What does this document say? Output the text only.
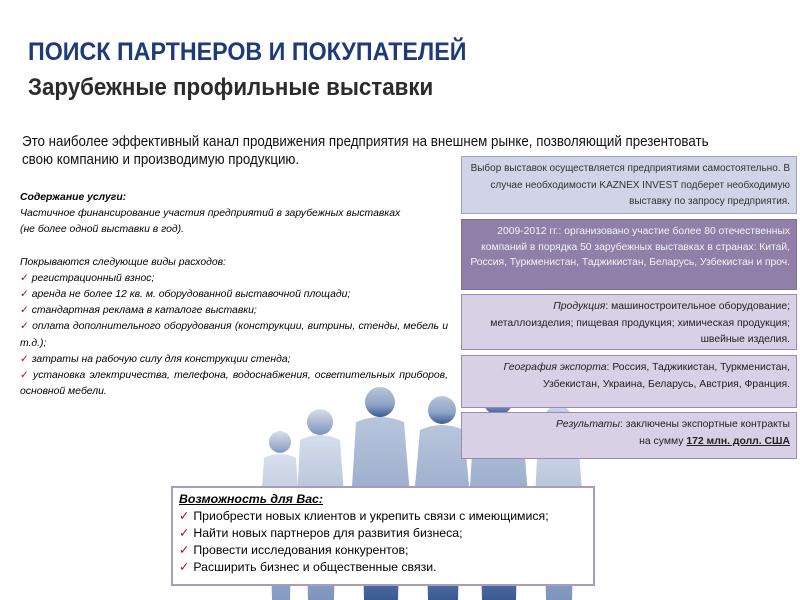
ПОИСК ПАРТНЕРОВ И ПОКУПАТЕЛЕЙ
Зарубежные профильные выставки
Это наиболее эффективный канал продвижения предприятия на внешнем рынке, позволяющий презентовать свою компанию и производимую продукцию.
Содержание услуги:
Частичное финансирование участия предприятий в зарубежных выставках
(не более одной выставки в год).
Покрываются следующие виды расходов:
✓ регистрационный взнос;
✓ аренда не более 12 кв. м. оборудованной выставочной площади;
✓ стандартная реклама в каталоге выставки;
✓ оплата дополнительного оборудования (конструкции, витрины, стенды, мебель и т.д.);
✓ затраты на рабочую силу для конструкции стенда;
✓ установка электричества, телефона, водоснабжения, осветительных приборов, основной мебели.
Выбор выставок осуществляется предприятиями самостоятельно. В случае необходимости KAZNEX INVEST подберет необходимую выставку по запросу предприятия.
2009-2012 гг.: организовано участие более 80 отечественных компаний в порядка 50 зарубежных выставках в странах: Китай, Россия, Туркменистан, Таджикистан, Беларусь, Узбекистан и проч.
Продукция: машиностроительное оборудование; металлоизделия; пищевая продукция; химическая продукция; швейные изделия.
География экспорта: Россия, Таджикистан, Туркменистан, Узбекистан, Украина, Беларусь, Австрия, Франция.
Результаты: заключены экспортные контракты
на сумму 172 млн. долл. США
Возможность для Вас:
✓ Приобрести новых клиентов и укрепить связи с имеющимися;
✓ Найти новых партнеров для развития бизнеса;
✓ Провести исследования конкурентов;
✓ Расширить бизнес и общественные связи.
